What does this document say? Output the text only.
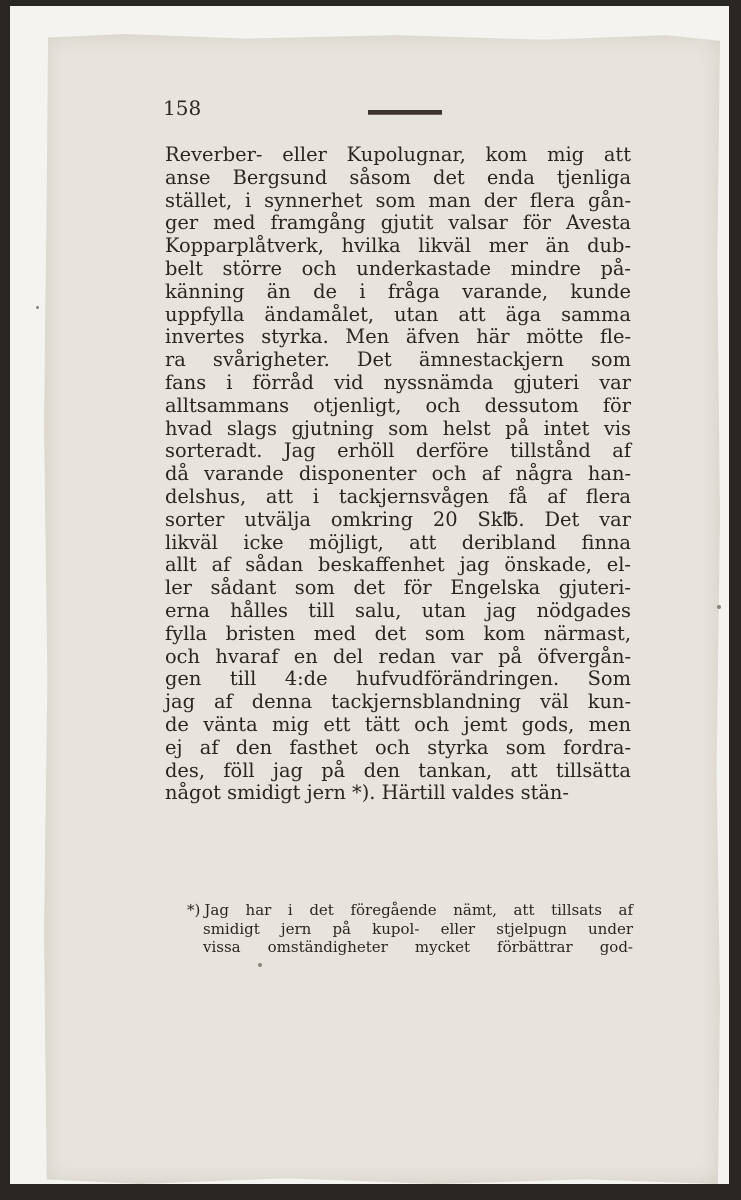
158
Reverber- eller Kupolugnar, kom mig att
anse Bergsund såsom det enda tjenliga
stället, i synnerhet som man der flera gån-
ger med framgång gjutit valsar för Avesta
Kopparplåtverk, hvilka likväl mer än dub-
belt större och underkastade mindre på-
känning än de i fråga varande, kunde
uppfylla ändamålet, utan att äga samma
invertes styrka. Men äfven här mötte fle-
ra svårigheter. Det ämnestackjern som
fans i förråd vid nyssnämda gjuteri var
alltsammans otjenligt, och dessutom för
hvad slags gjutning som helst på intet vis
sorteradt. Jag erhöll derföre tillstånd af
då varande disponenter och af några han-
delshus, att i tackjernsvågen få af flera
sorter utvälja omkring 20 Sk℔. Det var
likväl icke möjligt, att deribland finna
allt af sådan beskaffenhet jag önskade, el-
ler sådant som det för Engelska gjuteri-
erna hålles till salu, utan jag nödgades
fylla bristen med det som kom närmast,
och hvaraf en del redan var på öfvergån-
gen till 4:de hufvudförändringen. Som
jag af denna tackjernsblandning väl kun-
de vänta mig ett tätt och jemt gods, men
ej af den fasthet och styrka som fordra-
des, föll jag på den tankan, att tillsätta
något smidigt jern *). Härtill valdes stän-
*) Jag har i det föregående nämt, att tillsats af
smidigt jern på kupol- eller stjelpugn under
vissa omständigheter mycket förbättrar god-
